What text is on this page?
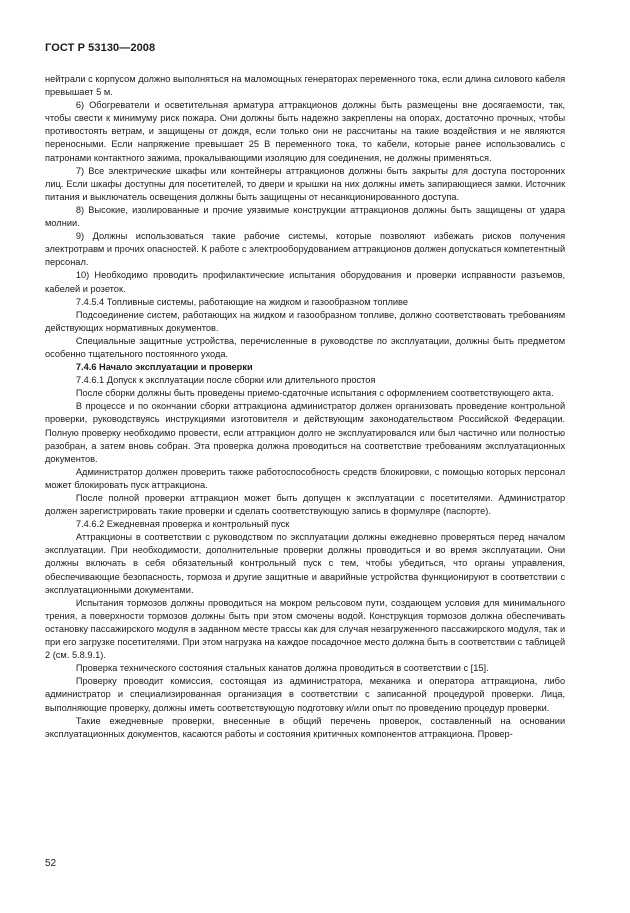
ГОСТ Р 53130—2008

нейтрали с корпусом должно выполняться на маломощных генераторах переменного тока, если длина силового кабеля превышает 5 м.

6) Обогреватели и осветительная арматура аттракционов должны быть размещены вне досягаемости, так, чтобы свести к минимуму риск пожара. Они должны быть надежно закреплены на опорах, достаточно прочных, чтобы противостоять ветрам, и защищены от дождя, если только они не рассчитаны на такие воздействия и не являются переносными. Если напряжение превышает 25 В переменного тока, то кабели, которые ранее использовались с патронами контактного зажима, прокалывающими изоляцию для соединения, не должны применяться.

7) Все электрические шкафы или контейнеры аттракционов должны быть закрыты для доступа посторонних лиц. Если шкафы доступны для посетителей, то двери и крышки на них должны иметь запирающиеся замки. Источник питания и выключатель освещения должны быть защищены от несанкционированного доступа.

8) Высокие, изолированные и прочие уязвимые конструкции аттракционов должны быть защищены от удара молнии.

9) Должны использоваться такие рабочие системы, которые позволяют избежать рисков получения электротравм и прочих опасностей. К работе с электрооборудованием аттракционов должен допускаться компетентный персонал.

10) Необходимо проводить профилактические испытания оборудования и проверки исправности разъемов, кабелей и розеток.

7.4.5.4 Топливные системы, работающие на жидком и газообразном топливе

Подсоединение систем, работающих на жидком и газообразном топливе, должно соответствовать требованиям действующих нормативных документов.

Специальные защитные устройства, перечисленные в руководстве по эксплуатации, должны быть предметом особенно тщательного постоянного ухода.

7.4.6 Начало эксплуатации и проверки

7.4.6.1 Допуск к эксплуатации после сборки или длительного простоя

После сборки должны быть проведены приемо-сдаточные испытания с оформлением соответствующего акта.

В процессе и по окончании сборки аттракциона администратор должен организовать проведение контрольной проверки, руководствуясь инструкциями изготовителя и действующим законодательством Российской Федерации. Полную проверку необходимо провести, если аттракцион долго не эксплуатировался или был частично или полностью разобран, а затем вновь собран. Эта проверка должна проводиться на соответствие требованиям эксплуатационных документов.

Администратор должен проверить также работоспособность средств блокировки, с помощью которых персонал может блокировать пуск аттракциона.

После полной проверки аттракцион может быть допущен к эксплуатации с посетителями. Администратор должен зарегистрировать такие проверки и сделать соответствующую запись в формуляре (паспорте).

7.4.6.2 Ежедневная проверка и контрольный пуск

Аттракционы в соответствии с руководством по эксплуатации должны ежедневно проверяться перед началом эксплуатации. При необходимости, дополнительные проверки должны проводиться и во время эксплуатации. Они должны включать в себя обязательный контрольный пуск с тем, чтобы убедиться, что органы управления, обеспечивающие безопасность, тормоза и другие защитные и аварийные устройства функционируют в соответствии с эксплуатационными документами.

Испытания тормозов должны проводиться на мокром рельсовом пути, создающем условия для минимального трения, а поверхности тормозов должны быть при этом смочены водой. Конструкция тормозов должна обеспечивать остановку пассажирского модуля в заданном месте трассы как для случая незагруженного пассажирского модуля, так и при его загрузке посетителями. При этом нагрузка на каждое посадочное место должна быть в соответствии с таблицей 2 (см. 5.8.9.1).

Проверка технического состояния стальных канатов должна проводиться в соответствии с [15].

Проверку проводит комиссия, состоящая из администратора, механика и оператора аттракциона, либо администратор и специализированная организация в соответствии с записанной процедурой проверки. Лица, выполняющие проверку, должны иметь соответствующую подготовку и/или опыт по проведению процедур проверки.

Такие ежедневные проверки, внесенные в общий перечень проверок, составленный на основании эксплуатационных документов, касаются работы и состояния критичных компонентов аттракциона. Провер-

52
